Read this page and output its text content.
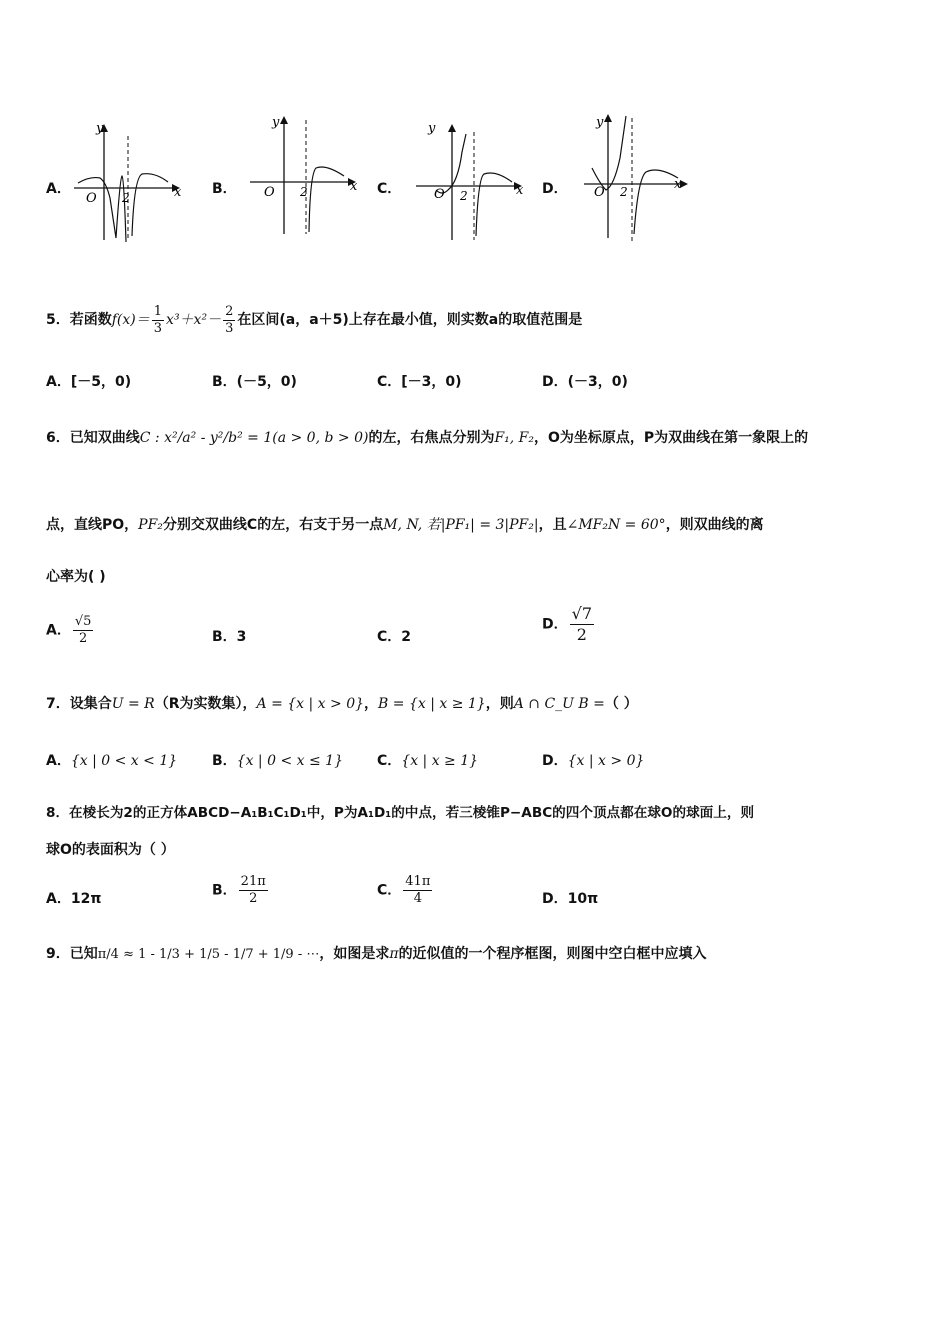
A．
y
x
O 2
B．
y
x
O 2	C．
y
x
O 2	D．
y
x
O 2
5．若函数$f(x)= \frac{1}{3} x^3+x^2- \frac{2}{3}$ 在区间(a，a＋5)上存在最小值，则实数a的取值范围是
A．[－5，0)	B．(－5，0)	C．[－3，0)	D．(－3，0)
6．已知双曲线C : x²/a² - y²/b² = 1(a > 0, b > 0)的左，右焦点分别为F₁, F₂，O为坐标原点，P为双曲线在第一象限上的
点，直线PO，PF₂分别交双曲线C的左，右支于另一点M, N, 若|PF₁| = 3|PF₂|，且∠MF₂N = 60°，则双曲线的离
心率为( )
A． $\frac{√5}{2}$	B．3	C．2
D． $\frac{√7}{2}$
7．设集合U = R（R为实数集），A = {x | x > 0}，B = {x | x ≥ 1}，则A ∩ C_U B =（ ）
A．{x | 0 < x < 1} B．{x | 0 < x ≤ 1} C．{x | x ≥ 1}	D．{x | x > 0}
8．在棱长为2的正方体ABCD−A₁B₁C₁D₁中，P为A₁D₁的中点，若三棱锥P−ABC的四个顶点都在球O的球面上，则
球O的表面积为（ ）
A．12π
B． $\frac{21\pi}{2}$	C． $\frac{41\pi}{4}$	D．10π
9．已知π/4 ≈ 1 - 1/3 + 1/5 - 1/7 + 1/9 - ⋯，如图是求π的近似值的一个程序框图，则图中空白框中应填入
